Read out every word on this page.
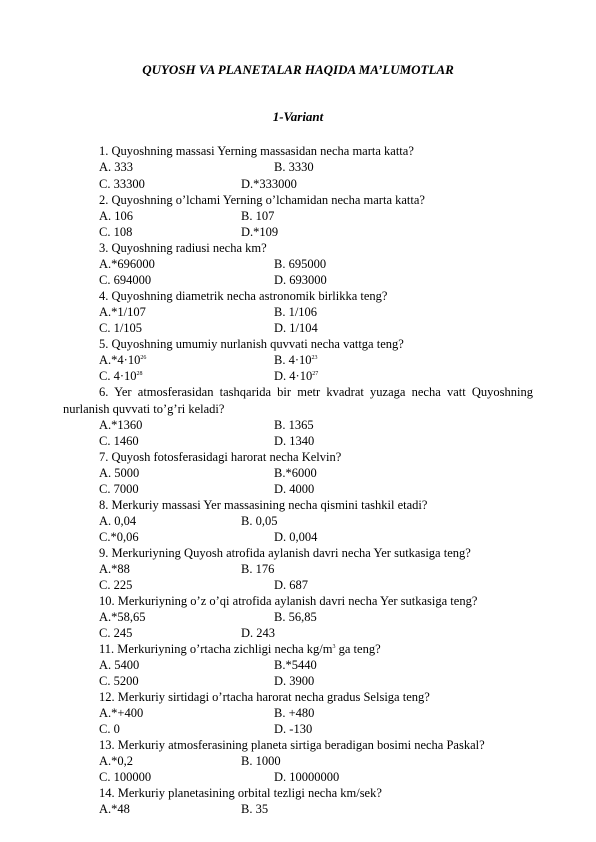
QUYOSH VA PLANETALAR HAQIDA MA’LUMOTLAR
1-Variant
1. Quyoshning massasi Yerning massasidan necha marta katta?
A. 333	B. 3330
C. 33300	D.*333000
2. Quyoshning o’lchami Yerning o’lchamidan necha marta katta?
A. 106	B. 107
C. 108	D.*109
3. Quyoshning radiusi necha km?
A.*696000	B. 695000
C. 694000	D. 693000
4. Quyoshning diametrik necha astronomik birlikka teng?
A.*1/107	B. 1/106
C. 1/105	D. 1/104
5. Quyoshning umumiy nurlanish quvvati necha vattga teng?
$A.*4\cdot 10^{26}$	B. $4\cdot 10^{23}$
C. $4\cdot 10^{28}$	D. $4\cdot 10^{27}$
6. Yer atmosferasidan tashqarida bir metr kvadrat yuzaga necha vatt Quyoshning nurlanish quvvati to’g’ri keladi?
A.*1360	B. 1365
C. 1460	D. 1340
7. Quyosh fotosferasidagi harorat necha Kelvin?
A. 5000	B.*6000
C. 7000	D. 4000
8. Merkuriy massasi Yer massasining necha qismini tashkil etadi?
A. 0,04	B. 0,05
C.*0,06	D. 0,004
9. Merkuriyning Quyosh atrofida aylanish davri necha Yer sutkasiga teng?
A.*88	B. 176
C. 225	D. 687
10. Merkuriyning o’z o’qi atrofida aylanish davri necha Yer sutkasiga teng?
A.*58,65	B. 56,85
C. 245	D. 243
11. Merkuriyning o’rtacha zichligi necha $kg/m^3$ ga teng?
A. 5400	B.*5440
C. 5200	D. 3900
12. Merkuriy sirtidagi o’rtacha harorat necha gradus Selsiga teng?
A.*+400	B. +480
C. 0	D. -130
13. Merkuriy atmosferasining planeta sirtiga beradigan bosimi necha Paskal?
A.*0,2	B. 1000
C. 100000	D. 10000000
14. Merkuriy planetasining orbital tezligi necha km/sek?
A.*48	B. 35
